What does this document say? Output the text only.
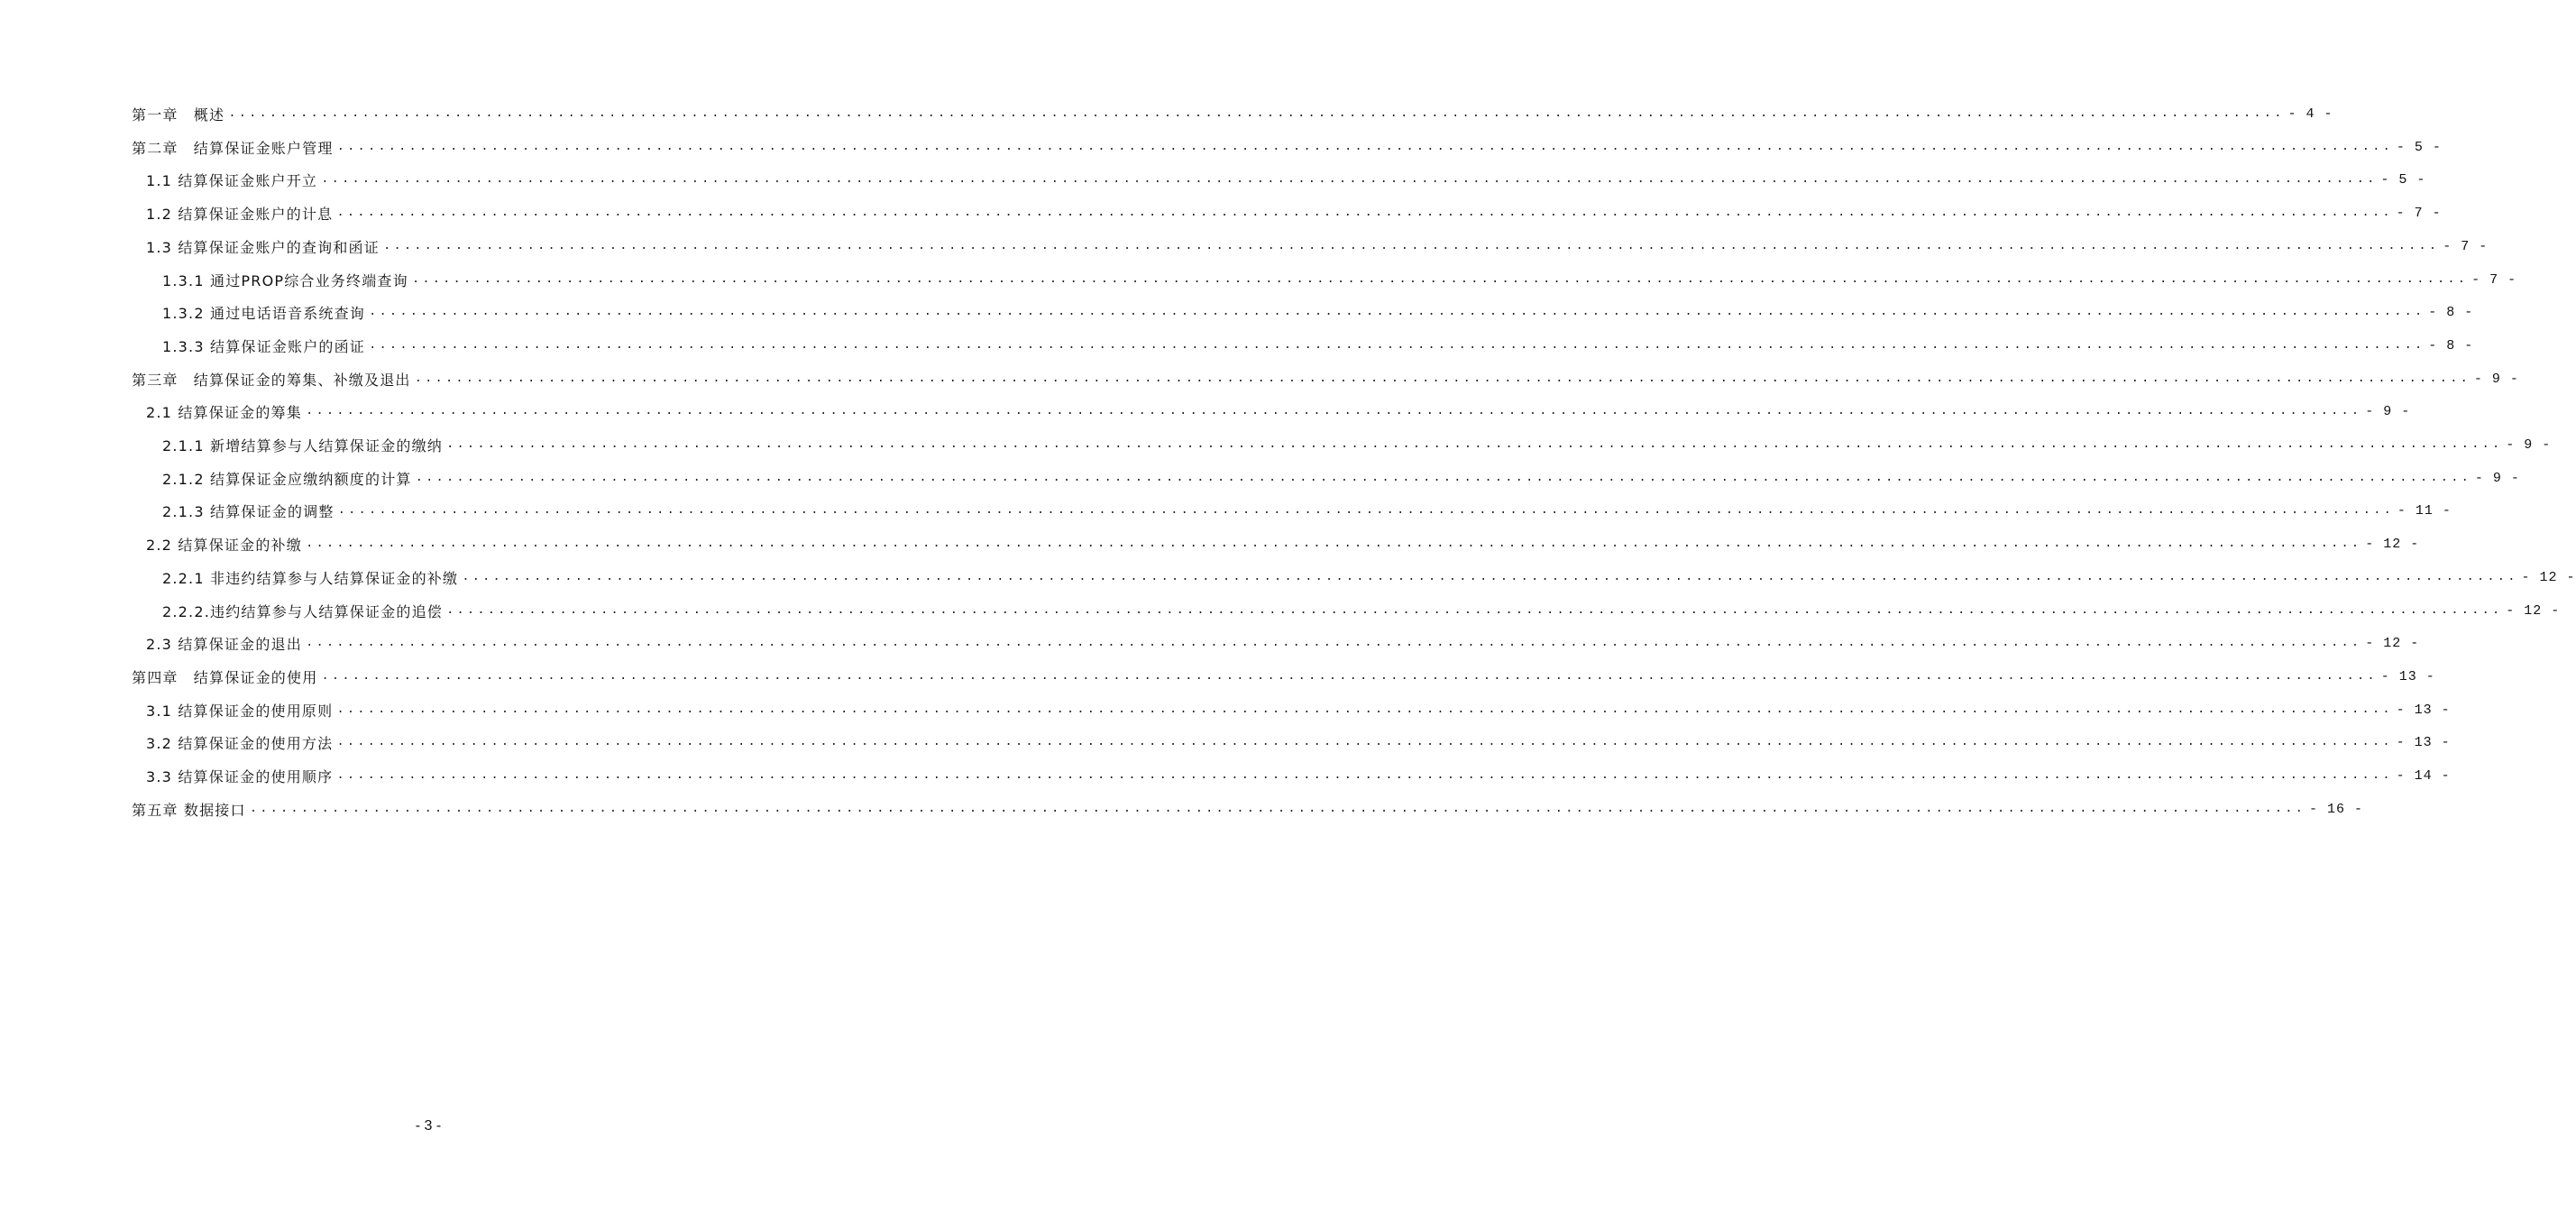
第一章　概述 ........................................................................................................................................................................................................ - 4 -
第二章　结算保证金账户管理 ........................................................................................................................................................................................................ - 5 -
1.1 结算保证金账户开立 ........................................................................................................................................................................................................ - 5 -
1.2 结算保证金账户的计息 ........................................................................................................................................................................................................ - 7 -
1.3 结算保证金账户的查询和函证 ........................................................................................................................................................................................................ - 7 -
1.3.1 通过PROP综合业务终端查询 ........................................................................................................................................................................................................ - 7 -
1.3.2 通过电话语音系统查询 ........................................................................................................................................................................................................ - 8 -
1.3.3 结算保证金账户的函证 ........................................................................................................................................................................................................ - 8 -
第三章　结算保证金的筹集、补缴及退出 ........................................................................................................................................................................................................ - 9 -
2.1 结算保证金的筹集 ........................................................................................................................................................................................................ - 9 -
2.1.1 新增结算参与人结算保证金的缴纳 ........................................................................................................................................................................................................ - 9 -
2.1.2 结算保证金应缴纳额度的计算 ........................................................................................................................................................................................................ - 9 -
2.1.3 结算保证金的调整 ........................................................................................................................................................................................................ - 11 -
2.2 结算保证金的补缴 ........................................................................................................................................................................................................ - 12 -
2.2.1 非违约结算参与人结算保证金的补缴 ........................................................................................................................................................................................................ - 12 -
2.2.2.违约结算参与人结算保证金的追偿 ........................................................................................................................................................................................................ - 12 -
2.3 结算保证金的退出 ........................................................................................................................................................................................................ - 12 -
第四章　结算保证金的使用 ........................................................................................................................................................................................................ - 13 -
3.1 结算保证金的使用原则 ........................................................................................................................................................................................................ - 13 -
3.2 结算保证金的使用方法 ........................................................................................................................................................................................................ - 13 -
3.3 结算保证金的使用顺序 ........................................................................................................................................................................................................ - 14 -
第五章 数据接口 ........................................................................................................................................................................................................ - 16 -
- 3 -
